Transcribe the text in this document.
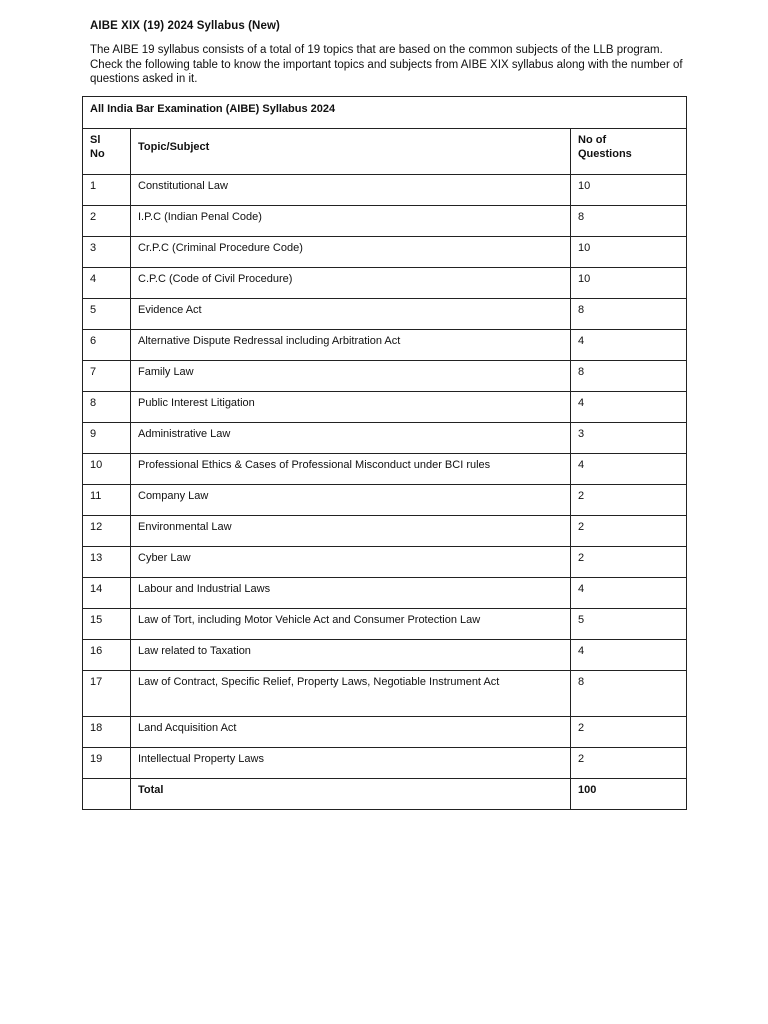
AIBE XIX (19) 2024 Syllabus (New)
The AIBE 19 syllabus consists of a total of 19 topics that are based on the common subjects of the LLB program. Check the following table to know the important topics and subjects from AIBE XIX syllabus along with the number of questions asked in it.
All India Bar Examination (AIBE) Syllabus 2024		

Sl
No	Topic/Subject	No of
Questions

1	Constitutional Law	10

2	I.P.C (Indian Penal Code)	8

3	Cr.P.C (Criminal Procedure Code)	10

4	C.P.C (Code of Civil Procedure)	10

5	Evidence Act	8

6	Alternative Dispute Redressal including Arbitration Act	4

7	Family Law	8

8	Public Interest Litigation	4

9	Administrative Law	3

10	Professional Ethics & Cases of Professional Misconduct under BCI rules	4

11	Company Law	2

12	Environmental Law	2

13	Cyber Law	2

14	Labour and Industrial Laws	4

15	Law of Tort, including Motor Vehicle Act and Consumer Protection Law	5

16	Law related to Taxation	4

17	Law of Contract, Specific Relief, Property Laws, Negotiable Instrument Act	8

18	Land Acquisition Act	2

19	Intellectual Property Laws	2

	Total	100
